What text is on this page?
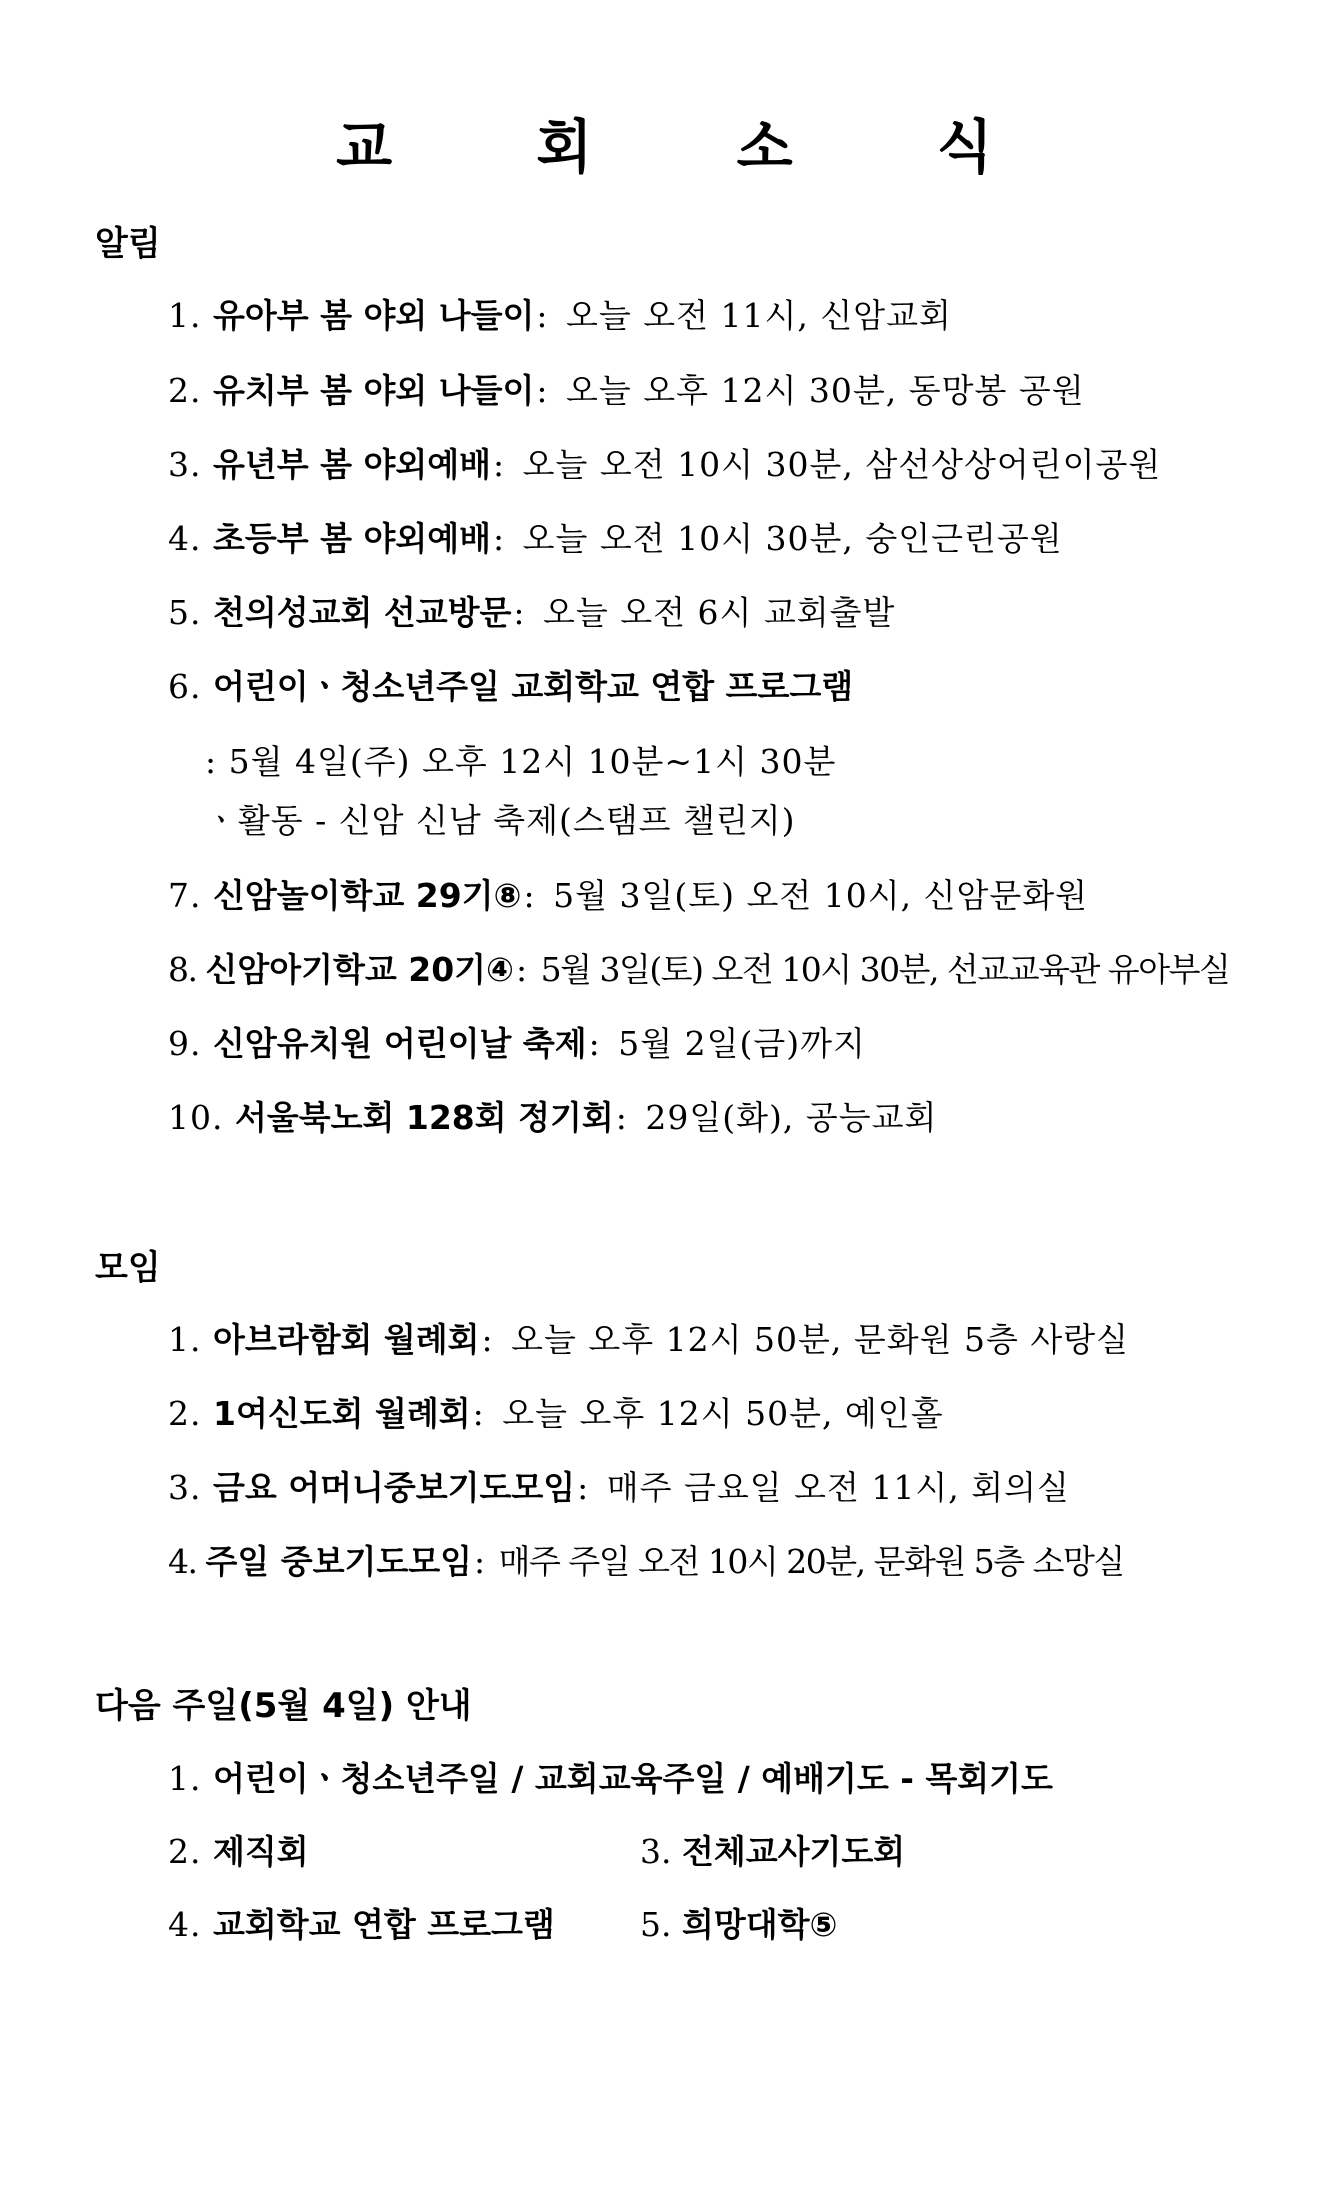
교 회 소 식
알림
1. 유아부 봄 야외 나들이: 오늘 오전 11시, 신암교회
2. 유치부 봄 야외 나들이: 오늘 오후 12시 30분, 동망봉 공원
3. 유년부 봄 야외예배: 오늘 오전 10시 30분, 삼선상상어린이공원
4. 초등부 봄 야외예배: 오늘 오전 10시 30분, 숭인근린공원
5. 천의성교회 선교방문: 오늘 오전 6시 교회출발
6. 어린이ㆍ청소년주일 교회학교 연합 프로그램
: 5월 4일(주) 오후 12시 10분~1시 30분
ㆍ활동 - 신암 신남 축제(스탬프 챌린지)
7. 신암놀이학교 29기⑧: 5월 3일(토) 오전 10시, 신암문화원
8. 신암아기학교 20기④: 5월 3일(토) 오전 10시 30분, 선교교육관 유아부실
9. 신암유치원 어린이날 축제: 5월 2일(금)까지
10. 서울북노회 128회 정기회: 29일(화), 공능교회
모임
1. 아브라함회 월례회: 오늘 오후 12시 50분, 문화원 5층 사랑실
2. 1여신도회 월례회: 오늘 오후 12시 50분, 예인홀
3. 금요 어머니중보기도모임: 매주 금요일 오전 11시, 회의실
4. 주일 중보기도모임: 매주 주일 오전 10시 20분, 문화원 5층 소망실
다음 주일(5월 4일) 안내
1. 어린이ㆍ청소년주일 / 교회교육주일 / 예배기도 - 목회기도
2. 제직회	3. 전체교사기도회
4. 교회학교 연합 프로그램	5. 희망대학⑤
